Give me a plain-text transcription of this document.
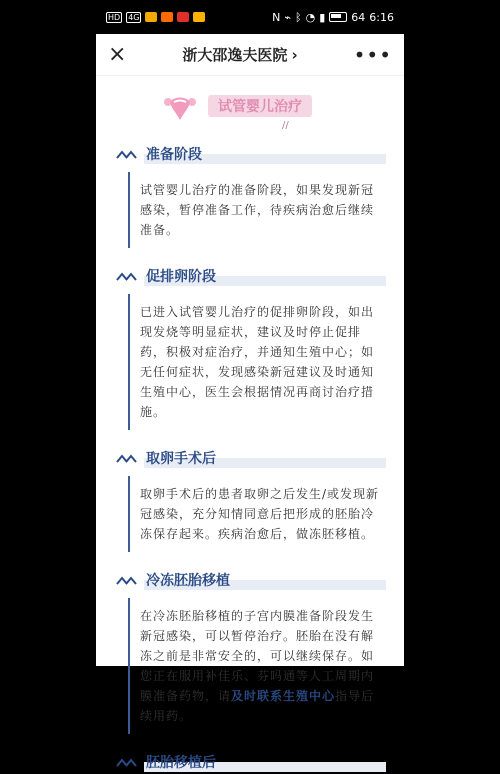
HD 4G	N ⌁ ᛒ ◔ ▮ 64 6:16
×	浙大邵逸夫医院 ›	•••
试管婴儿治疗
//
准备阶段
试管婴儿治疗的准备阶段，如果发现新冠感染，暂停准备工作，待疾病治愈后继续准备。
促排卵阶段
已进入试管婴儿治疗的促排卵阶段，如出现发烧等明显症状，建议及时停止促排药，积极对症治疗，并通知生殖中心；如无任何症状，发现感染新冠建议及时通知生殖中心，医生会根据情况再商讨治疗措施。
取卵手术后
取卵手术后的患者取卵之后发生/或发现新冠感染，充分知情同意后把形成的胚胎冷冻保存起来。疾病治愈后，做冻胚移植。
冷冻胚胎移植
在冷冻胚胎移植的子宫内膜准备阶段发生新冠感染，可以暂停治疗。胚胎在没有解冻之前是非常安全的，可以继续保存。如您正在服用补佳乐、芬吗通等人工周期内膜准备药物，请及时联系生殖中心指导后续用药。
胚胎移植后
